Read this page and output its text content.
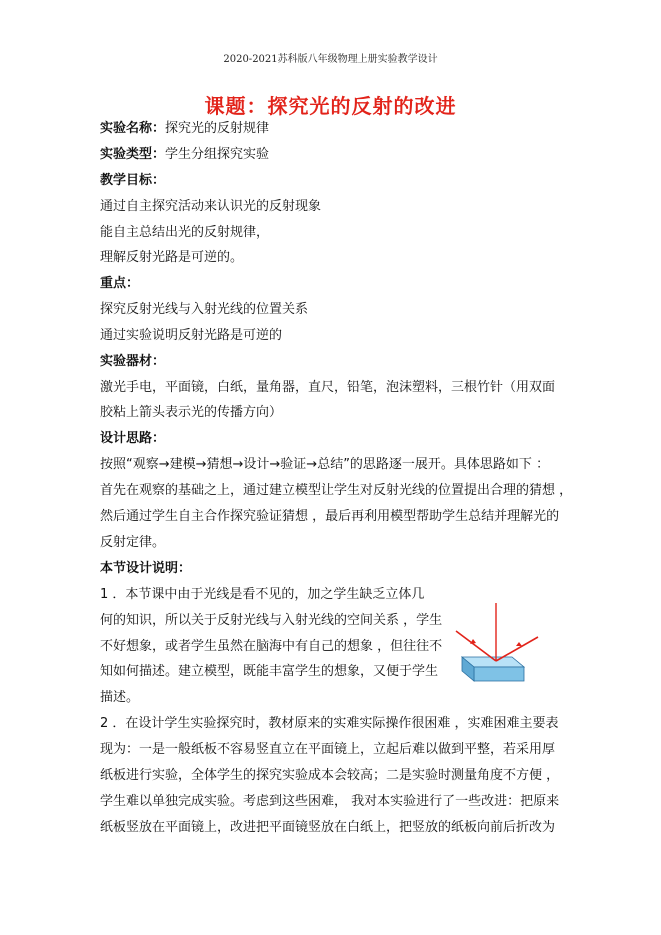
2020-2021苏科版八年级物理上册实验教学设计
课题：探究光的反射的改进
实验名称：探究光的反射规律
实验类型：学生分组探究实验
教学目标：
通过自主探究活动来认识光的反射现象
能自主总结出光的反射规律，
理解反射光路是可逆的。
重点：
探究反射光线与入射光线的位置关系
通过实验说明反射光路是可逆的
实验器材：
激光手电，平面镜，白纸，量角器，直尺，铅笔，泡沫塑料，三根竹针（用双面
胶粘上箭头表示光的传播方向）
设计思路：
按照“观察→建模→猜想→设计→验证→总结”的思路逐一展开。具体思路如下 ：
首先在观察的基础之上，通过建立模型让学生对反射光线的位置提出合理的猜想 ，
然后通过学生自主合作探究验证猜想 ，最后再利用模型帮助学生总结并理解光的
反射定律。
本节设计说明：
1 ．本节课中由于光线是看不见的，加之学生缺乏立体几
何的知识，所以关于反射光线与入射光线的空间关系 ，学生
不好想象，或者学生虽然在脑海中有自己的想象 ，但往往不
知如何描述。建立模型，既能丰富学生的想象，又便于学生
描述。
2 ．在设计学生实验探究时，教材原来的实难实际操作很困难 ，实难困难主要表
现为：一是一般纸板不容易竖直立在平面镜上，立起后难以做到平整，若采用厚
纸板进行实验，全体学生的探究实验成本会较高；二是实验时测量角度不方便 ，
学生难以单独完成实验。考虑到这些困难， 我对本实验进行了一些改进：把原来
纸板竖放在平面镜上，改进把平面镜竖放在白纸上，把竖放的纸板向前后折改为
